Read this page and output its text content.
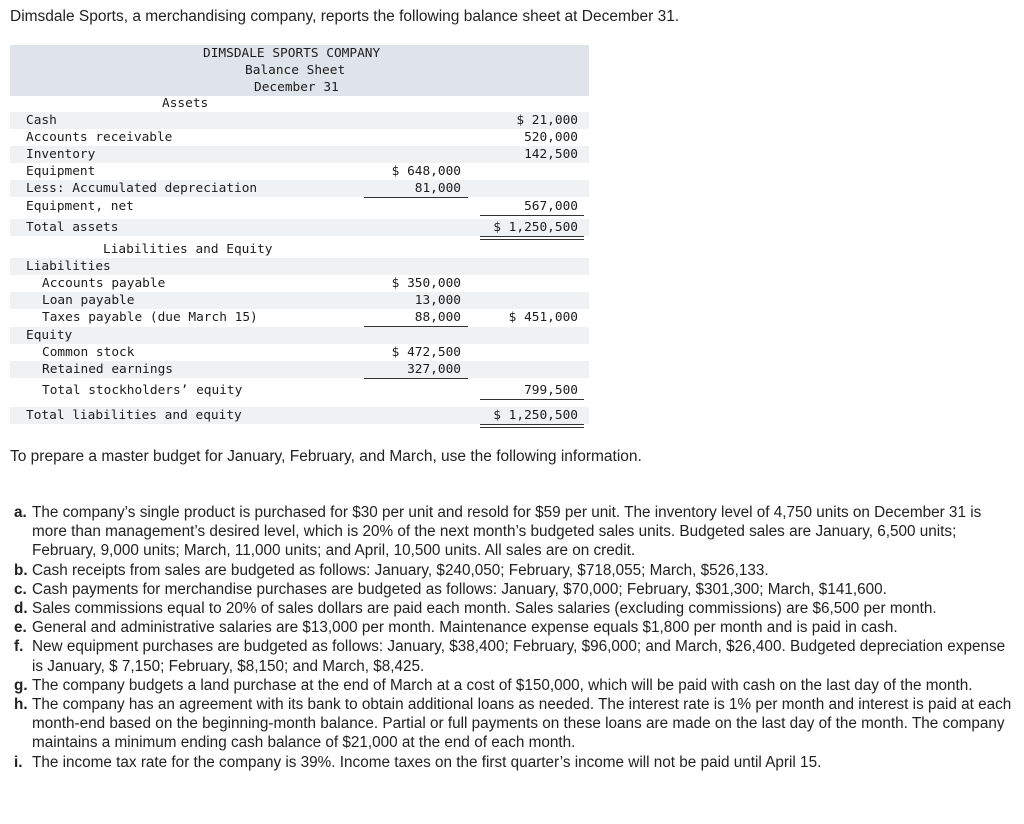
Dimsdale Sports, a merchandising company, reports the following balance sheet at December 31.
DIMSDALE SPORTS COMPANY
Balance Sheet
December 31
Assets
Cash	$ 21,000
Accounts receivable	520,000
Inventory	142,500
Equipment	$ 648,000
Less: Accumulated depreciation	81,000
Equipment, net	567,000
Total assets	$ 1,250,500
Liabilities and Equity
Liabilities
Accounts payable	$ 350,000
Loan payable	13,000
Taxes payable (due March 15)	88,000	$ 451,000
Equity
Common stock	$ 472,500
Retained earnings	327,000
Total stockholders’ equity	799,500
Total liabilities and equity	$ 1,250,500
To prepare a master budget for January, February, and March, use the following information.
a. The company’s single product is purchased for $30 per unit and resold for $59 per unit. The inventory level of 4,750 units on December 31 is more than management’s desired level, which is 20% of the next month’s budgeted sales units. Budgeted sales are January, 6,500 units; February, 9,000 units; March, 11,000 units; and April, 10,500 units. All sales are on credit.
b. Cash receipts from sales are budgeted as follows: January, $240,050; February, $718,055; March, $526,133.
c. Cash payments for merchandise purchases are budgeted as follows: January, $70,000; February, $301,300; March, $141,600.
d. Sales commissions equal to 20% of sales dollars are paid each month. Sales salaries (excluding commissions) are $6,500 per month.
e. General and administrative salaries are $13,000 per month. Maintenance expense equals $1,800 per month and is paid in cash.
f. New equipment purchases are budgeted as follows: January, $38,400; February, $96,000; and March, $26,400. Budgeted depreciation expense is January, $ 7,150; February, $8,150; and March, $8,425.
g. The company budgets a land purchase at the end of March at a cost of $150,000, which will be paid with cash on the last day of the month.
h. The company has an agreement with its bank to obtain additional loans as needed. The interest rate is 1% per month and interest is paid at each month-end based on the beginning-month balance. Partial or full payments on these loans are made on the last day of the month. The company maintains a minimum ending cash balance of $21,000 at the end of each month.
i. The income tax rate for the company is 39%. Income taxes on the first quarter’s income will not be paid until April 15.
